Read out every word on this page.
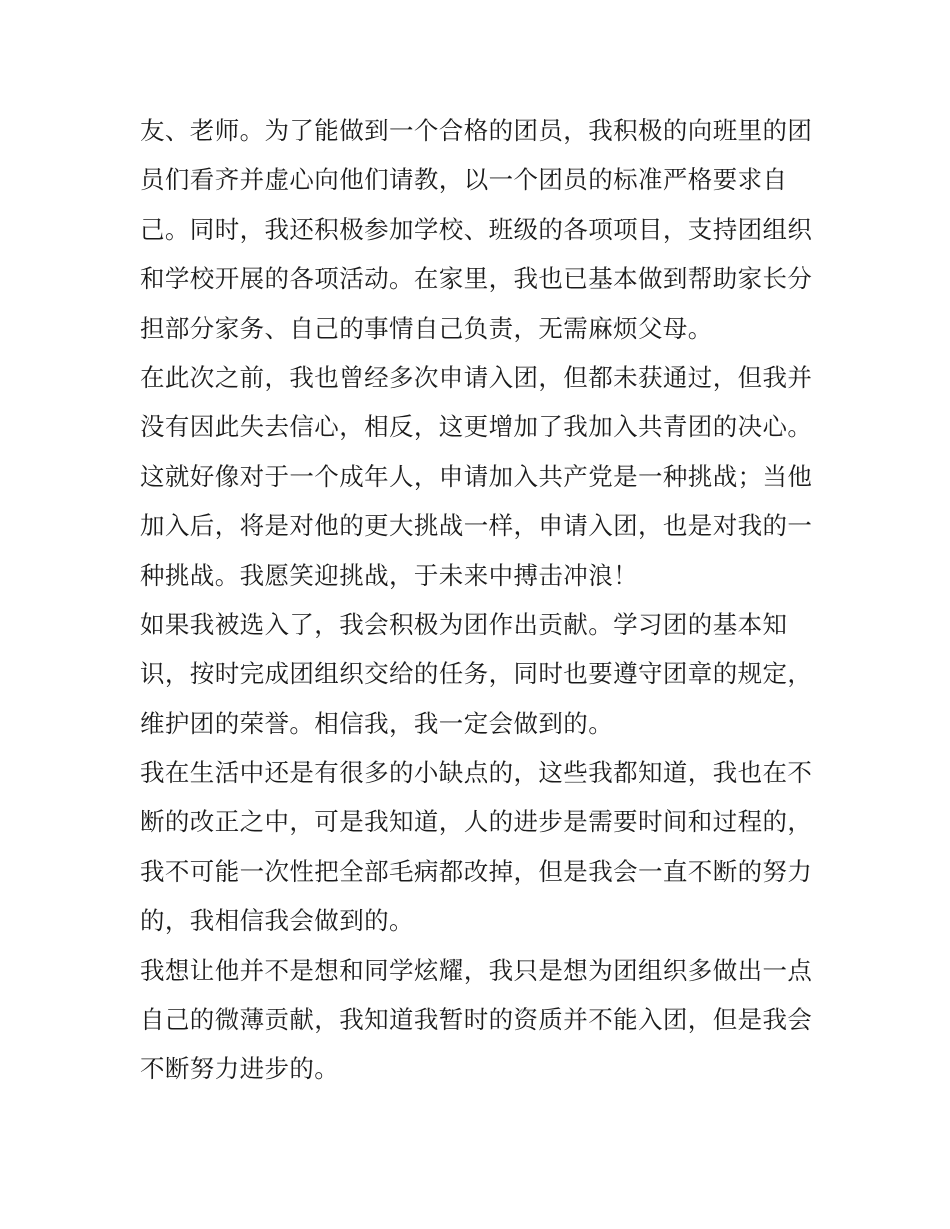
友、老师。为了能做到一个合格的团员，我积极的向班里的团
员们看齐并虚心向他们请教，以一个团员的标准严格要求自
己。同时，我还积极参加学校、班级的各项项目，支持团组织
和学校开展的各项活动。在家里，我也已基本做到帮助家长分
担部分家务、自己的事情自己负责，无需麻烦父母。
在此次之前，我也曾经多次申请入团，但都未获通过，但我并
没有因此失去信心，相反，这更增加了我加入共青团的决心。
这就好像对于一个成年人，申请加入共产党是一种挑战；当他
加入后，将是对他的更大挑战一样，申请入团，也是对我的一
种挑战。我愿笑迎挑战，于未来中搏击冲浪！
如果我被选入了，我会积极为团作出贡献。学习团的基本知
识，按时完成团组织交给的任务，同时也要遵守团章的规定，
维护团的荣誉。相信我，我一定会做到的。
我在生活中还是有很多的小缺点的，这些我都知道，我也在不
断的改正之中，可是我知道，人的进步是需要时间和过程的，
我不可能一次性把全部毛病都改掉，但是我会一直不断的努力
的，我相信我会做到的。
我想让他并不是想和同学炫耀，我只是想为团组织多做出一点
自己的微薄贡献，我知道我暂时的资质并不能入团，但是我会
不断努力进步的。
